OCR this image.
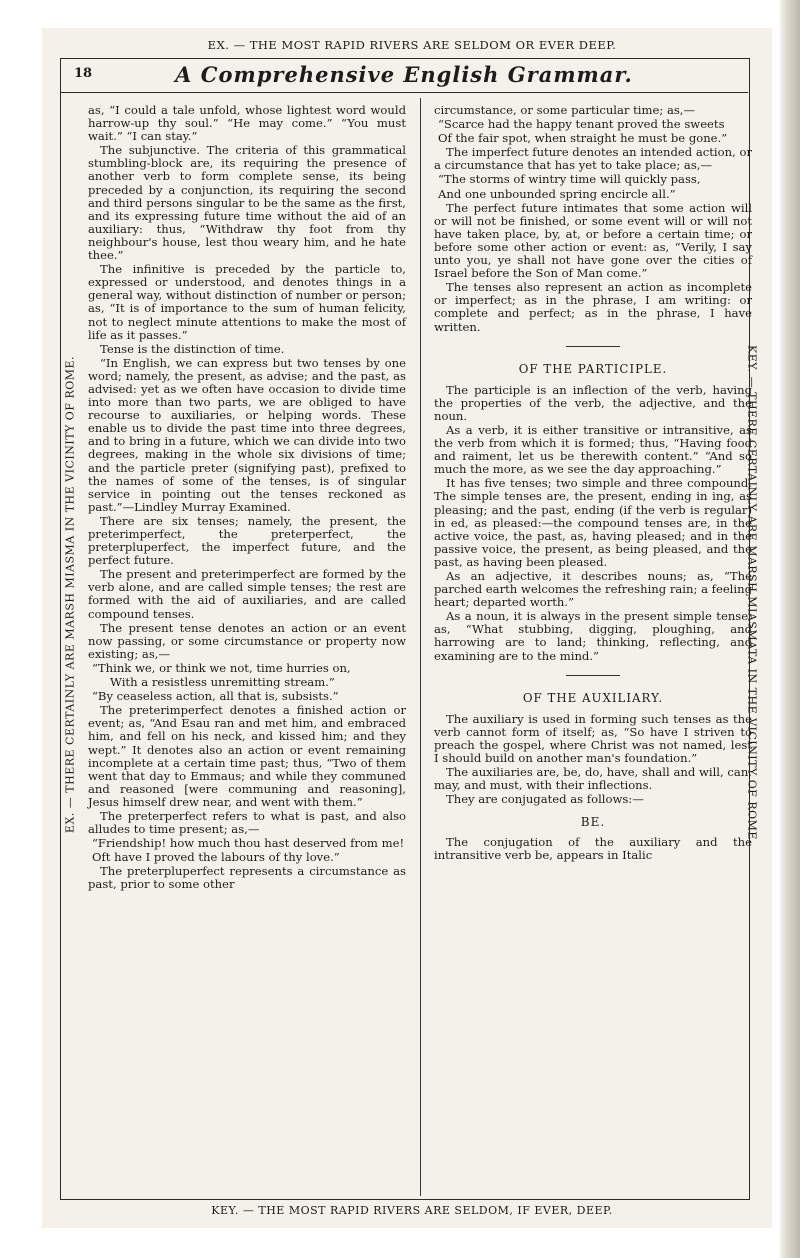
EX. — THE MOST RAPID RIVERS ARE SELDOM OR EVER DEEP.
EX. — THERE CERTAINLY ARE MARSH MIASMA IN THE VICINITY OF ROME.	KEY. — THERE CERTAINLY ARE MARSH MIASMATA IN THE VICINITY OF ROME.
18	A Comprehensive English Grammar.

as, “I could a tale unfold, whose lightest word would harrow-up thy soul.” “He may come.” “You must wait.” “I can stay.”

The subjunctive. The criteria of this grammatical stumbling-block are, its requiring the presence of another verb to form complete sense, its being preceded by a conjunction, its requiring the second and third persons singular to be the same as the first, and its expressing future time without the aid of an auxiliary: thus, “Withdraw thy foot from thy neighbour's house, lest thou weary him, and he hate thee.”

The infinitive is preceded by the particle to, expressed or understood, and denotes things in a general way, without distinction of number or person; as, “It is of importance to the sum of human felicity, not to neglect minute attentions to make the most of life as it passes.”

Tense is the distinction of time.

“In English, we can express but two tenses by one word; namely, the present, as advise; and the past, as advised: yet as we often have occasion to divide time into more than two parts, we are obliged to have recourse to auxiliaries, or helping words. These enable us to divide the past time into three degrees, and to bring in a future, which we can divide into two degrees, making in the whole six divisions of time; and the particle preter (signifying past), prefixed to the names of some of the tenses, is of singular service in pointing out the tenses reckoned as past.”—Lindley Murray Examined.

There are six tenses; namely, the present, the preterimperfect, the preterperfect, the preterpluperfect, the imperfect future, and the perfect future.

The present and preterimperfect are formed by the verb alone, and are called simple tenses; the rest are formed with the aid of auxiliaries, and are called compound tenses.

The present tense denotes an action or an event now passing, or some circumstance or property now existing; as,—

“Think we, or think we not, time hurries on,

With a resistless unremitting stream.”

“By ceaseless action, all that is, subsists.”

The preterimperfect denotes a finished action or event; as, “And Esau ran and met him, and embraced him, and fell on his neck, and kissed him; and they wept.” It denotes also an action or event remaining incomplete at a certain time past; thus, “Two of them went that day to Emmaus; and while they communed and reasoned [were communing and reasoning], Jesus himself drew near, and went with them.”

The preterperfect refers to what is past, and also alludes to time present; as,—

“Friendship! how much thou hast deserved from me!

Oft have I proved the labours of thy love.”

The preterpluperfect represents a circumstance as past, prior to some other

circumstance, or some particular time; as,—

“Scarce had the happy tenant proved the sweets

Of the fair spot, when straight he must be gone.”

The imperfect future denotes an intended action, or a circumstance that has yet to take place; as,—

“The storms of wintry time will quickly pass,

And one unbounded spring encircle all.”

The perfect future intimates that some action will or will not be finished, or some event will or will not have taken place, by, at, or before a certain time; or before some other action or event: as, “Verily, I say unto you, ye shall not have gone over the cities of Israel before the Son of Man come.”

The tenses also represent an action as incomplete or imperfect; as in the phrase, I am writing: or complete and perfect; as in the phrase, I have written.

OF THE PARTICIPLE.

The participle is an inflection of the verb, having the properties of the verb, the adjective, and the noun.

As a verb, it is either transitive or intransitive, as the verb from which it is formed; thus, “Having food and raiment, let us be therewith content.” “And so much the more, as we see the day approaching.”

It has five tenses; two simple and three compound. The simple tenses are, the present, ending in ing, as pleasing; and the past, ending (if the verb is regular) in ed, as pleased:—the compound tenses are, in the active voice, the past, as, having pleased; and in the passive voice, the present, as being pleased, and the past, as having been pleased.

As an adjective, it describes nouns; as, “The parched earth welcomes the refreshing rain; a feeling heart; departed worth.”

As a noun, it is always in the present simple tense; as, “What stubbing, digging, ploughing, and harrowing are to land; thinking, reflecting, and examining are to the mind.”

OF THE AUXILIARY.

The auxiliary is used in forming such tenses as the verb cannot form of itself; as, “So have I striven to preach the gospel, where Christ was not named, lest I should build on another man's foundation.”

The auxiliaries are, be, do, have, shall and will, can, may, and must, with their inflections.

They are conjugated as follows:—

BE.

The conjugation of the auxiliary and the intransitive verb be, appears in Italic

KEY. — THE MOST RAPID RIVERS ARE SELDOM, IF EVER, DEEP.
